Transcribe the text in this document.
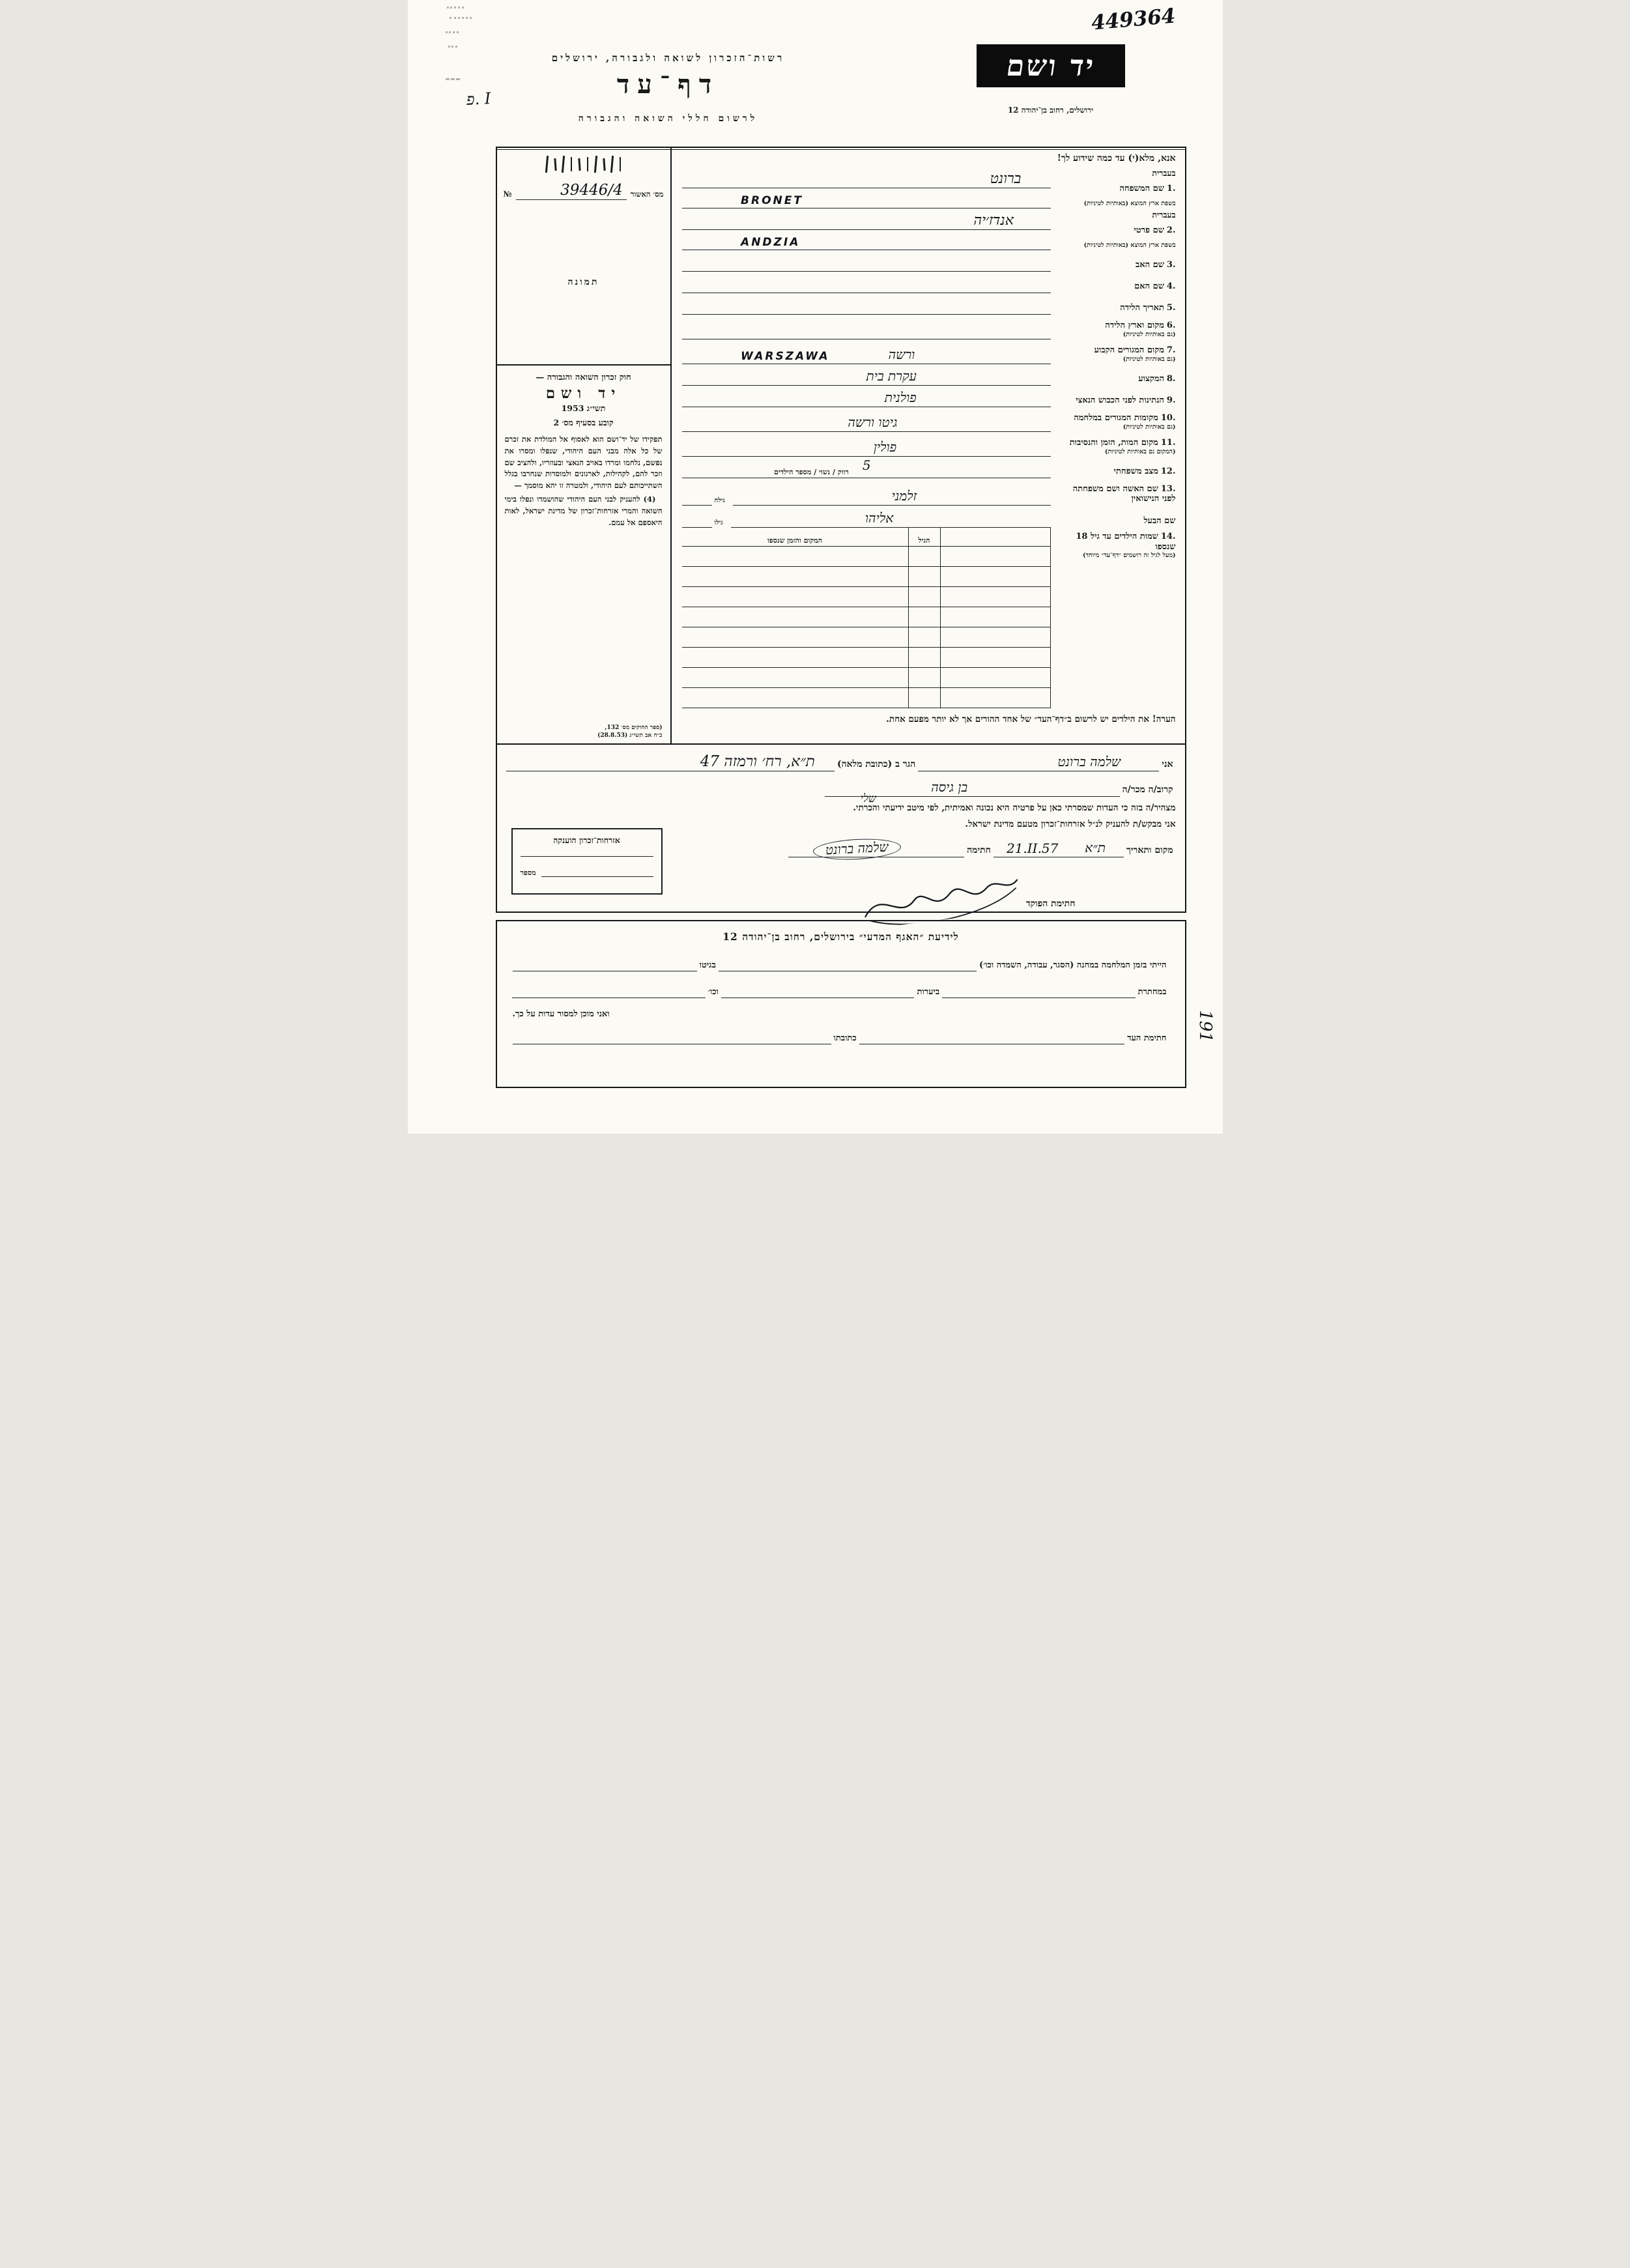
449364
פ. I
191
רשות־הזכרון לשואה ולגבורה, ירושלים
דף־עד
לרשום חללי השואה והגבורה
יד ושם
ירושלים, רחוב בן־יהודה 12
אנא, מלא(י) עד כמה שידוע לך!
בעברית
1.שם המשפחה
בשפת ארץ המוצא (באותיות לטיניות)
ברונט
BRONET
בעברית
2.שם פרטי
בשפת ארץ המוצא (באותיות לטיניות)
אנדז׳יה
ANDZIA
3.שם האב
4.שם האם
5.תאריך הלידה
6.מקום וארץ הלידה
(גם באותיות לטיניות)
7.מקום המגורים הקבוע
(גם באותיות לטיניות)
WARSZAWA	ורשה
8.המקצוע
עקרת בית
9.הנתינות לפני הכבוש הנאצי
פולנית
10.מקומות המגורים במלחמה
(גם באותיות לטיניות)
גיטו ורשה
11.מקום המות, הזמן והנסיבות
(המקום גם באותיות לטיניות)
פולין
12.מצב משפחתי
רווק / נשוי / מספר הילדים 5
13.שם האשה ושם משפחתה
לפני הנישואין
זלמני
גילה
שם הבעל
אליהו
גילו
14.שמות הילדים עד גיל 18 שנספו
(מעל לגיל זה רושמים ״דף־עד״ מיוחד)
הגיל
המקום והזמן שנספו
הערה! את הילדים יש לרשום ב״דף־העד״ של אחד ההורים אך לא יותר מפעם אחת.
מס׳ האשור
39446/4
№
תמונה
חוק זכרון השואה והגבורה —
יד ושם
תשי״ג 1953
קובע בסעיף מס׳ 2
תפקידו של יד־ושם הוא לאסוף אל המולדת את זכרם של כל אלה מבני העם היהודי, שנפלו ומסרו את נפשם, נלחמו ומרדו באויב הנאצי ובעוזריו, ולהציב שם וזכר להם, לקהילות, לארגונים ולמוסדות שנחרבו בגלל השתייכותם לעם היהודי, ולמטרה זו יהא מוסמך —
(4) להעניק לבני העם היהודי שהושמדו ונפלו בימי השואה והמרי אזרחות־זכרון של מדינת ישראל, לאות היאספם אל עמם.
(ספר החוקים מס׳ 132,
כ״ח אב תשי״ג (28.8.53)
אני
שלמה ברונט
הגר ב (כתובת מלאה)
ת״א, רח׳ ורמזה 47
קרוב/ה מכר/ה
בן גיסה
שלי
מצהיר/ה בזה כי העדות שמסרתי כאן על פרטיה היא נכונה ואמיתית, לפי מיטב ידיעתי והכרתי.
אני מבקש/ת להעניק לנ״ל אזרחות־זכרון מטעם מדינת ישראל.
מקום ותאריך
ת״א
21.II.57
חתימה
שלמה ברונט
חתימת הפוקד
אזרחות־זכרון הוענקה
מספר
לידיעת ״האגף המדעי״ בירושלים, רחוב בן־יהודה 12
הייתי בזמן המלחמה במחנה (הסגר, עבודה, השמדה וכו׳)
בגיטו
במחתרת
ביערות
וכו׳
ואני מוכן למסור עדות על כך.
חתימת העד
כתובתו
